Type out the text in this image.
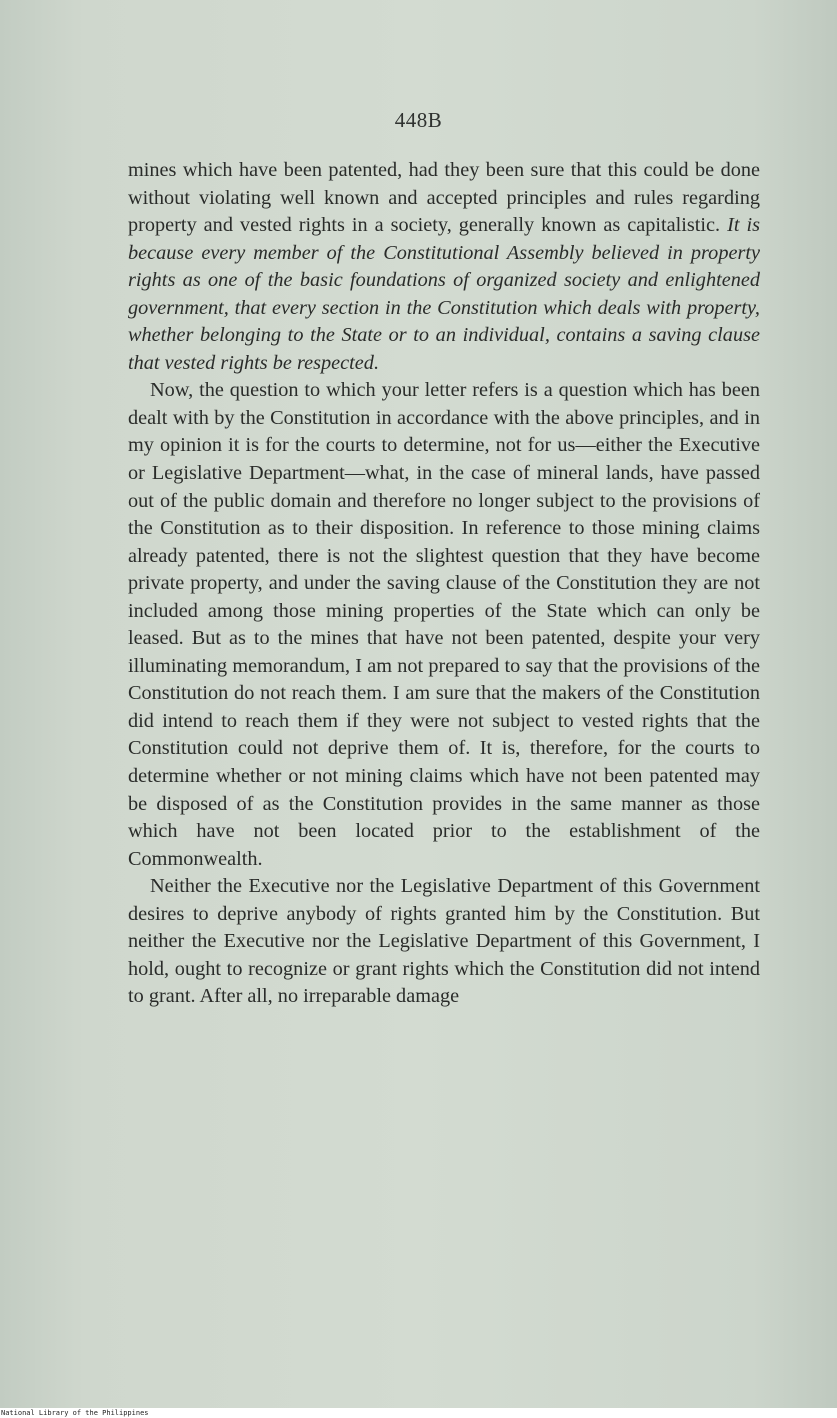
448B

mines which have been patented, had they been sure that this could be done without violating well known and accepted principles and rules regarding property and vested rights in a society, generally known as capitalistic. It is because every member of the Constitutional Assembly believed in property rights as one of the basic foundations of organized society and enlightened government, that every section in the Constitution which deals with property, whether belonging to the State or to an individual, contains a saving clause that vested rights be respected.

Now, the question to which your letter refers is a question which has been dealt with by the Constitution in accordance with the above principles, and in my opinion it is for the courts to determine, not for us—either the Executive or Legislative Department—what, in the case of mineral lands, have passed out of the public domain and therefore no longer subject to the provisions of the Constitution as to their disposition. In reference to those mining claims already patented, there is not the slightest question that they have become private property, and under the saving clause of the Constitution they are not included among those mining properties of the State which can only be leased. But as to the mines that have not been patented, despite your very illuminating memorandum, I am not prepared to say that the provisions of the Constitution do not reach them. I am sure that the makers of the Constitution did intend to reach them if they were not subject to vested rights that the Constitution could not deprive them of. It is, therefore, for the courts to determine whether or not mining claims which have not been patented may be disposed of as the Constitution provides in the same manner as those which have not been located prior to the establishment of the Commonwealth.

Neither the Executive nor the Legislative Department of this Government desires to deprive anybody of rights granted him by the Constitution. But neither the Executive nor the Legislative Department of this Government, I hold, ought to recognize or grant rights which the Constitution did not intend to grant. After all, no irreparable damage

National Library of the Philippines
